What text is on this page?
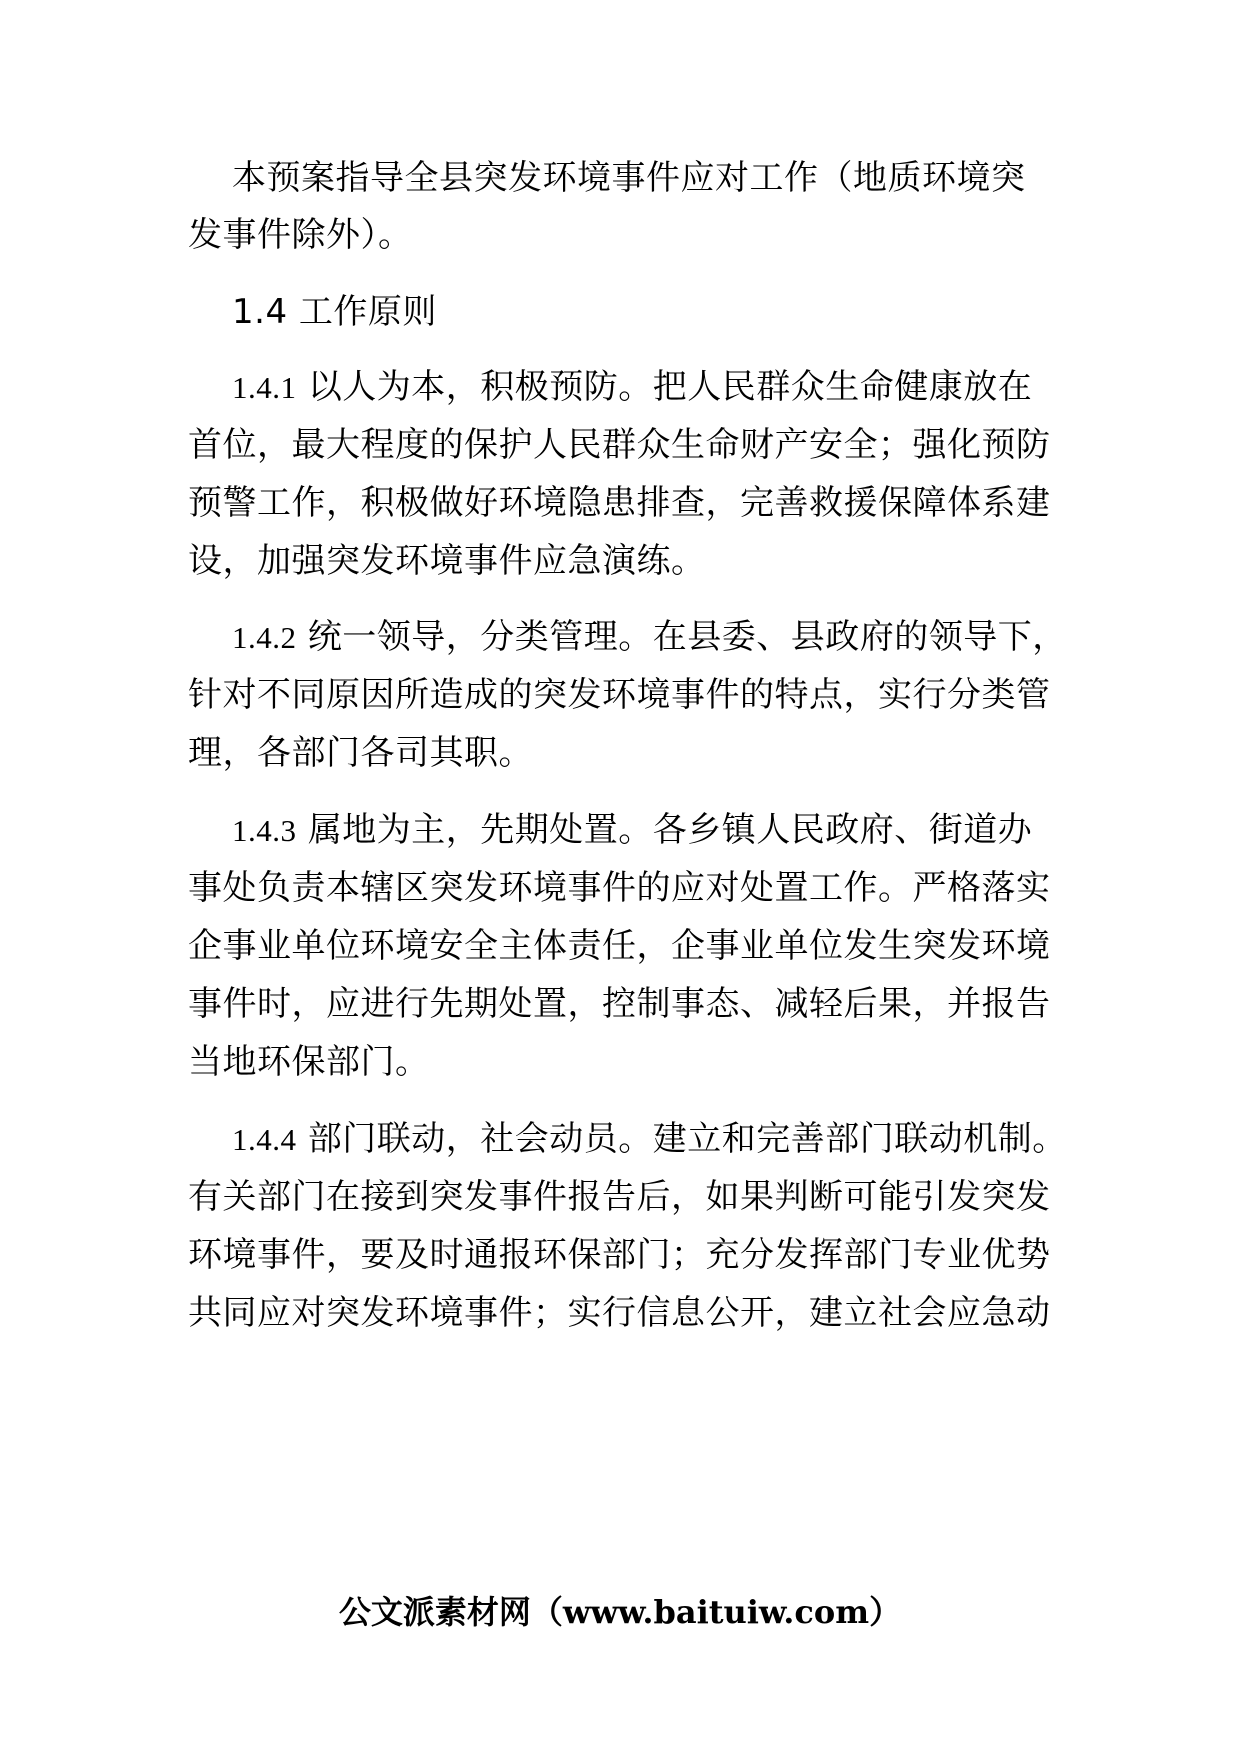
本预案指导全县突发环境事件应对工作（地质环境突
发事件除外）。
1.4 工作原则
1.4.1 以人为本，积极预防。把人民群众生命健康放在
首位，最大程度的保护人民群众生命财产安全；强化预防
预警工作，积极做好环境隐患排查，完善救援保障体系建
设，加强突发环境事件应急演练。
1.4.2 统一领导，分类管理。在县委、县政府的领导下，
针对不同原因所造成的突发环境事件的特点，实行分类管
理，各部门各司其职。
1.4.3 属地为主，先期处置。各乡镇人民政府、街道办
事处负责本辖区突发环境事件的应对处置工作。严格落实
企事业单位环境安全主体责任，企事业单位发生突发环境
事件时，应进行先期处置，控制事态、减轻后果，并报告
当地环保部门。
1.4.4 部门联动，社会动员。建立和完善部门联动机制。
有关部门在接到突发事件报告后，如果判断可能引发突发
环境事件，要及时通报环保部门；充分发挥部门专业优势
共同应对突发环境事件；实行信息公开，建立社会应急动
公文派素材网（www.baituiw.com）
